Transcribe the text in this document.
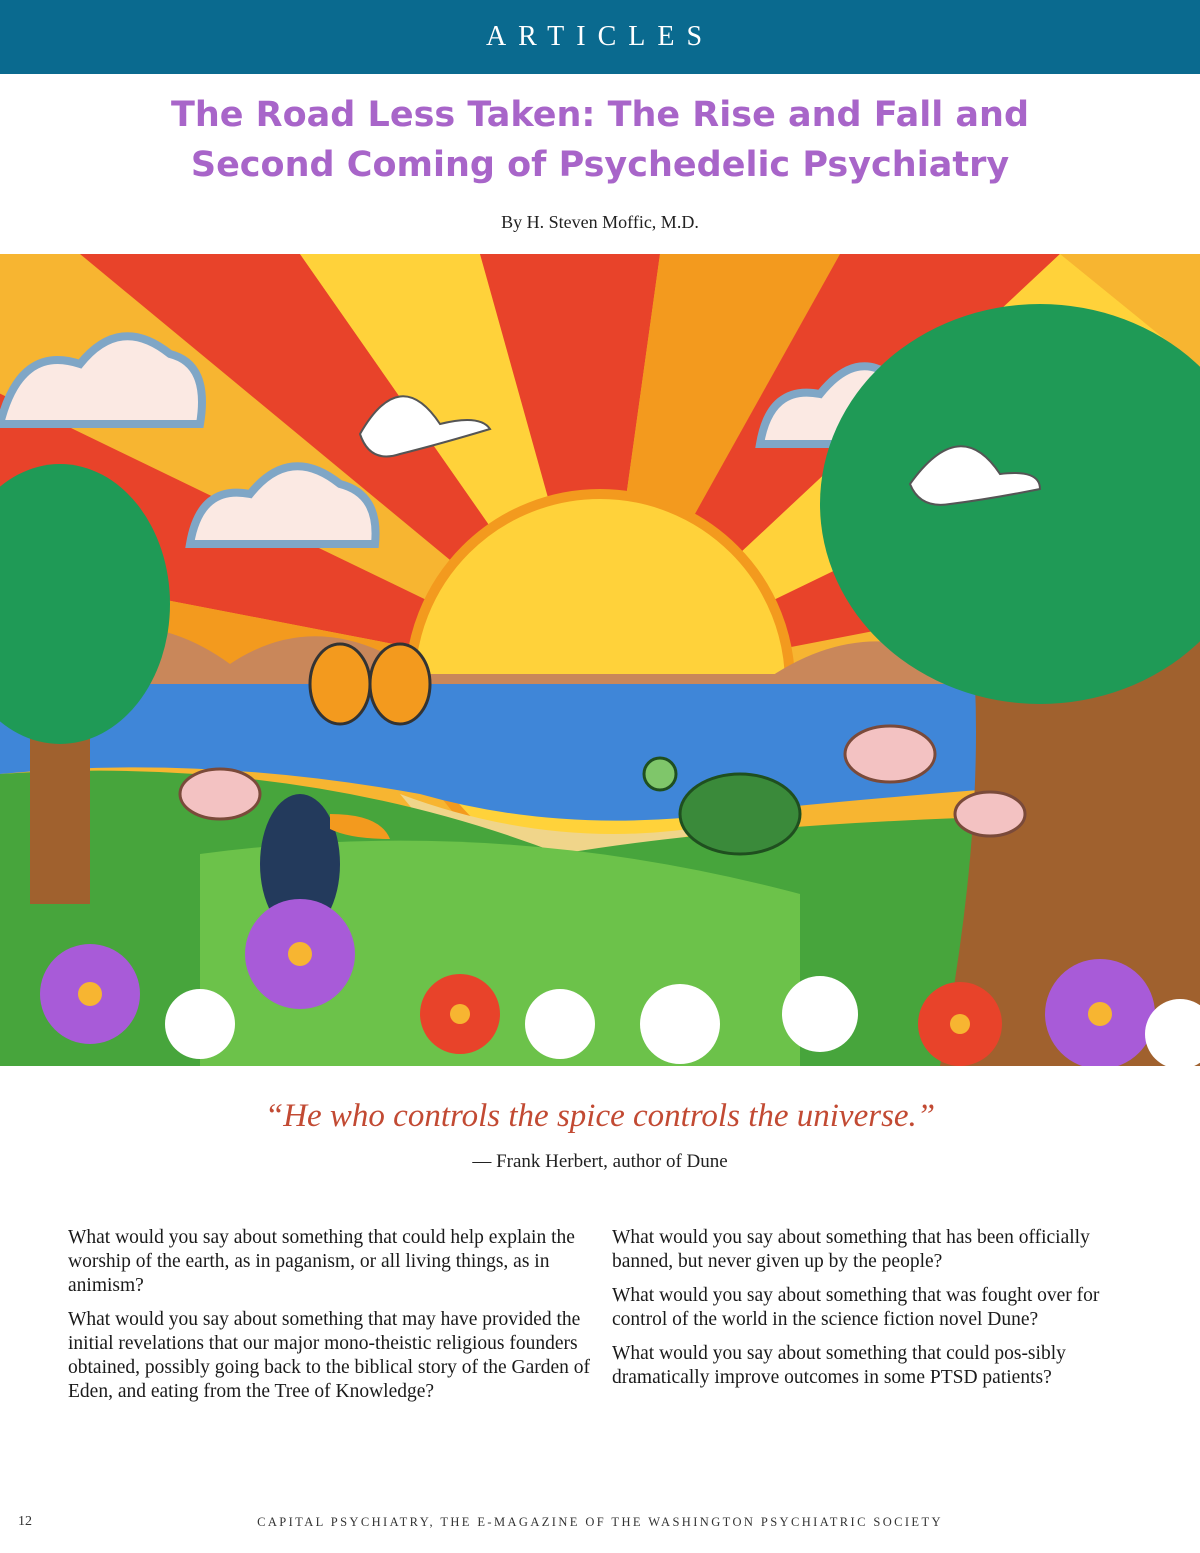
ARTICLES
The Road Less Taken: The Rise and Fall and
Second Coming of Psychedelic Psychiatry
By H. Steven Moffic, M.D.
“He who controls the spice controls the universe.”
— Frank Herbert, author of Dune

What would you say about something that could help explain the worship of the earth, as in paganism, or all living things, as in animism?

What would you say about something that may have provided the initial revelations that our major mono-theistic religious founders obtained, possibly going back to the biblical story of the Garden of Eden, and eating from the Tree of Knowledge?

What would you say about something that has been officially banned, but never given up by the people?

What would you say about something that was fought over for control of the world in the science fiction novel Dune?

What would you say about something that could pos-sibly dramatically improve outcomes in some PTSD patients?

12	CAPITAL PSYCHIATRY, THE E-MAGAZINE OF THE WASHINGTON PSYCHIATRIC SOCIETY
